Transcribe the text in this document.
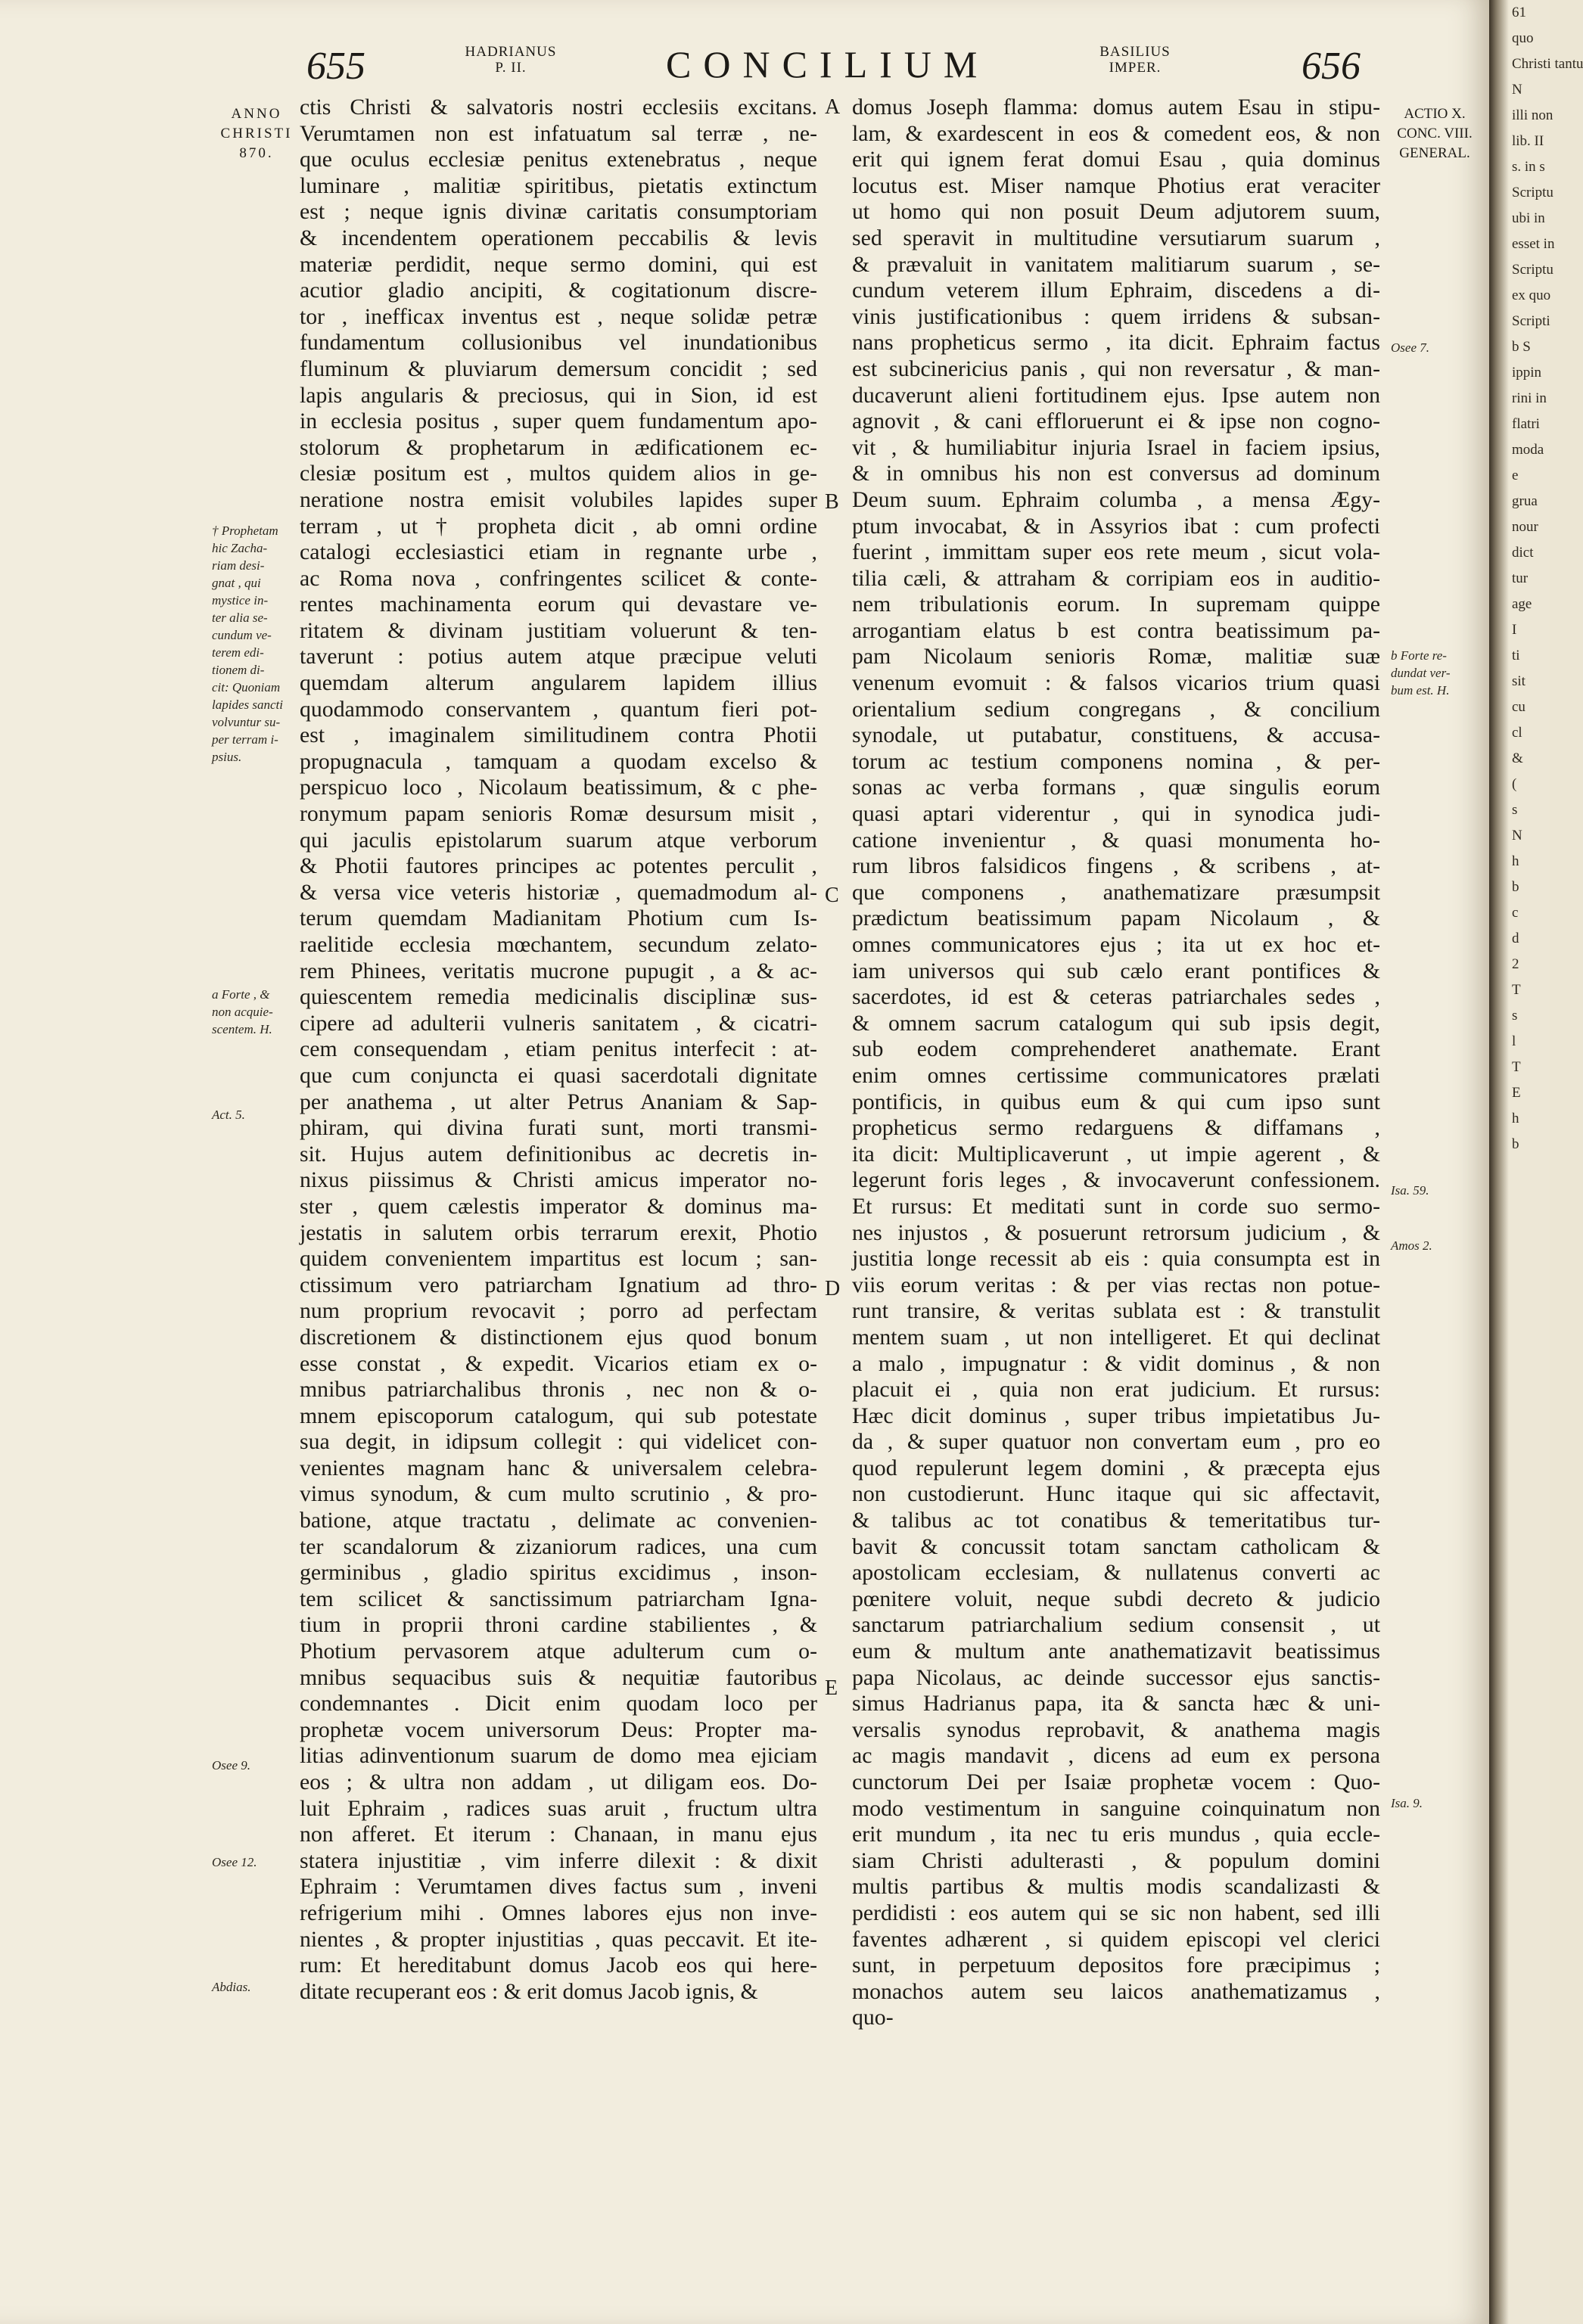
655	HADRIANUS
P. II.	CONCILIUM	BASILIUS
IMPER.	656
ANNO
CHRISTI
870.
ACTIO X.
CONC. VIII.
GENERAL.
† Prophetam
hic Zacha-
riam desi-
gnat , qui
mystice in-
ter alia se-
cundum ve-
terem edi-
tionem di-
cit: Quoniam
lapides sancti
volvuntur su-
per terram i-
psius.
a Forte , &
non acquie-
scentem. H.
Act. 5.
Osee 9.
Osee 12.
Abdias.
Osee 7.
b Forte re-
dundat ver-
bum est. H.
Isa. 59.
Amos 2.
Isa. 9.
ctis Christi & salvatoris nostri ecclesiis excitans.
Verumtamen non est infatuatum sal terræ , ne-
que oculus ecclesiæ penitus extenebratus , neque
luminare , malitiæ spiritibus, pietatis extinctum
est ; neque ignis divinæ caritatis consumptoriam
& incendentem operationem peccabilis & levis
materiæ perdidit, neque sermo domini, qui est
acutior gladio ancipiti, & cogitationum discre-
tor , inefficax inventus est , neque solidæ petræ
fundamentum collusionibus vel inundationibus
fluminum & pluviarum demersum concidit ; sed
lapis angularis & preciosus, qui in Sion, id est
in ecclesia positus , super quem fundamentum apo-
stolorum & prophetarum in ædificationem ec-
clesiæ positum est , multos quidem alios in ge-
neratione nostra emisit volubiles lapides super
terram , ut † propheta dicit , ab omni ordine
catalogi ecclesiastici etiam in regnante urbe ,
ac Roma nova , confringentes scilicet & conte-
rentes machinamenta eorum qui devastare ve-
ritatem & divinam justitiam voluerunt & ten-
taverunt : potius autem atque præcipue veluti
quemdam alterum angularem lapidem illius
quodammodo conservantem , quantum fieri pot-
est , imaginalem similitudinem contra Photii
propugnacula , tamquam a quodam excelso &
perspicuo loco , Nicolaum beatissimum, & c phe-
ronymum papam senioris Romæ desursum misit ,
qui jaculis epistolarum suarum atque verborum
& Photii fautores principes ac potentes perculit ,
& versa vice veteris historiæ , quemadmodum al-
terum quemdam Madianitam Photium cum Is-
raelitide ecclesia mœchantem, secundum zelato-
rem Phinees, veritatis mucrone pupugit , a & ac-
quiescentem remedia medicinalis disciplinæ sus-
cipere ad adulterii vulneris sanitatem , & cicatri-
cem consequendam , etiam penitus interfecit : at-
que cum conjuncta ei quasi sacerdotali dignitate
per anathema , ut alter Petrus Ananiam & Sap-
phiram, qui divina furati sunt, morti transmi-
sit. Hujus autem definitionibus ac decretis in-
nixus piissimus & Christi amicus imperator no-
ster , quem cælestis imperator & dominus ma-
jestatis in salutem orbis terrarum erexit, Photio
quidem convenientem impartitus est locum ; san-
ctissimum vero patriarcham Ignatium ad thro-
num proprium revocavit ; porro ad perfectam
discretionem & distinctionem ejus quod bonum
esse constat , & expedit. Vicarios etiam ex o-
mnibus patriarchalibus thronis , nec non & o-
mnem episcoporum catalogum, qui sub potestate
sua degit, in idipsum collegit : qui videlicet con-
venientes magnam hanc & universalem celebra-
vimus synodum, & cum multo scrutinio , & pro-
batione, atque tractatu , delimate ac convenien-
ter scandalorum & zizaniorum radices, una cum
germinibus , gladio spiritus excidimus , inson-
tem scilicet & sanctissimum patriarcham Igna-
tium in proprii throni cardine stabilientes , &
Photium pervasorem atque adulterum cum o-
mnibus sequacibus suis & nequitiæ fautoribus
condemnantes . Dicit enim quodam loco per
prophetæ vocem universorum Deus: Propter ma-
litias adinventionum suarum de domo mea ejiciam
eos ; & ultra non addam , ut diligam eos. Do-
luit Ephraim , radices suas aruit , fructum ultra
non afferet. Et iterum : Chanaan, in manu ejus
statera injustitiæ , vim inferre dilexit : & dixit
Ephraim : Verumtamen dives factus sum , inveni
refrigerium mihi . Omnes labores ejus non inve-
nientes , & propter injustitias , quas peccavit. Et ite-
rum: Et hereditabunt domus Jacob eos qui here-
ditate recuperant eos : & erit domus Jacob ignis, &
A
B
C
D
E
domus Joseph flamma: domus autem Esau in stipu-
lam, & exardescent in eos & comedent eos, & non
erit qui ignem ferat domui Esau , quia dominus
locutus est. Miser namque Photius erat veraciter
ut homo qui non posuit Deum adjutorem suum,
sed speravit in multitudine versutiarum suarum ,
& prævaluit in vanitatem malitiarum suarum , se-
cundum veterem illum Ephraim, discedens a di-
vinis justificationibus : quem irridens & subsan-
nans propheticus sermo , ita dicit. Ephraim factus
est subcinericius panis , qui non reversatur , & man-
ducaverunt alieni fortitudinem ejus. Ipse autem non
agnovit , & cani effloruerunt ei & ipse non cogno-
vit , & humiliabitur injuria Israel in faciem ipsius,
& in omnibus his non est conversus ad dominum
Deum suum. Ephraim columba , a mensa Ægy-
ptum invocabat, & in Assyrios ibat : cum profecti
fuerint , immittam super eos rete meum , sicut vola-
tilia cæli, & attraham & corripiam eos in auditio-
nem tribulationis eorum. In supremam quippe
arrogantiam elatus b est contra beatissimum pa-
pam Nicolaum senioris Romæ, malitiæ suæ
venenum evomuit : & falsos vicarios trium quasi
orientalium sedium congregans , & concilium
synodale, ut putabatur, constituens, & accusa-
torum ac testium componens nomina , & per-
sonas ac verba formans , quæ singulis eorum
quasi aptari viderentur , qui in synodica judi-
catione invenientur , & quasi monumenta ho-
rum libros falsidicos fingens , & scribens , at-
que componens , anathematizare præsumpsit
prædictum beatissimum papam Nicolaum , &
omnes communicatores ejus ; ita ut ex hoc et-
iam universos qui sub cælo erant pontifices &
sacerdotes, id est & ceteras patriarchales sedes ,
& omnem sacrum catalogum qui sub ipsis degit,
sub eodem comprehenderet anathemate. Erant
enim omnes certissime communicatores prælati
pontificis, in quibus eum & qui cum ipso sunt
propheticus sermo redarguens & diffamans ,
ita dicit: Multiplicaverunt , ut impie agerent , &
legerunt foris leges , & invocaverunt confessionem.
Et rursus: Et meditati sunt in corde suo sermo-
nes injustos , & posuerunt retrorsum judicium , &
justitia longe recessit ab eis : quia consumpta est in
viis eorum veritas : & per vias rectas non potue-
runt transire, & veritas sublata est : & transtulit
mentem suam , ut non intelligeret. Et qui declinat
a malo , impugnatur : & vidit dominus , & non
placuit ei , quia non erat judicium. Et rursus:
Hæc dicit dominus , super tribus impietatibus Ju-
da , & super quatuor non convertam eum , pro eo
quod repulerunt legem domini , & præcepta ejus
non custodierunt. Hunc itaque qui sic affectavit,
& talibus ac tot conatibus & temeritatibus tur-
bavit & concussit totam sanctam catholicam &
apostolicam ecclesiam, & nullatenus converti ac
pœnitere voluit, neque subdi decreto & judicio
sanctarum patriarchalium sedium consensit , ut
eum & multum ante anathematizavit beatissimus
papa Nicolaus, ac deinde successor ejus sanctis-
simus Hadrianus papa, ita & sancta hæc & uni-
versalis synodus reprobavit, & anathema magis
ac magis mandavit , dicens ad eum ex persona
cunctorum Dei per Isaiæ prophetæ vocem : Quo-
modo vestimentum in sanguine coinquinatum non
erit mundum , ita nec tu eris mundus , quia eccle-
siam Christi adulterasti , & populum domini
multis partibus & multis modis scandalizasti &
perdidisti : eos autem qui se sic non habent, sed illi
faventes adhærent , si quidem episcopi vel clerici
sunt, in perpetuum depositos fore præcipimus ;
monachos autem seu laicos anathematizamus ,
quo-
61
quo
Christi tantu
N
illi non
lib. II
s. in s
Scriptu
ubi in
esset in
Scriptu
ex quo
Scripti
b S
ippin
rini in
flatri
moda
e
grua
nour
dict
tur
age
I
ti
sit
cu
cl
&
(
s
N
h
b
c
d
2
T
s
l
T
E
h
b
